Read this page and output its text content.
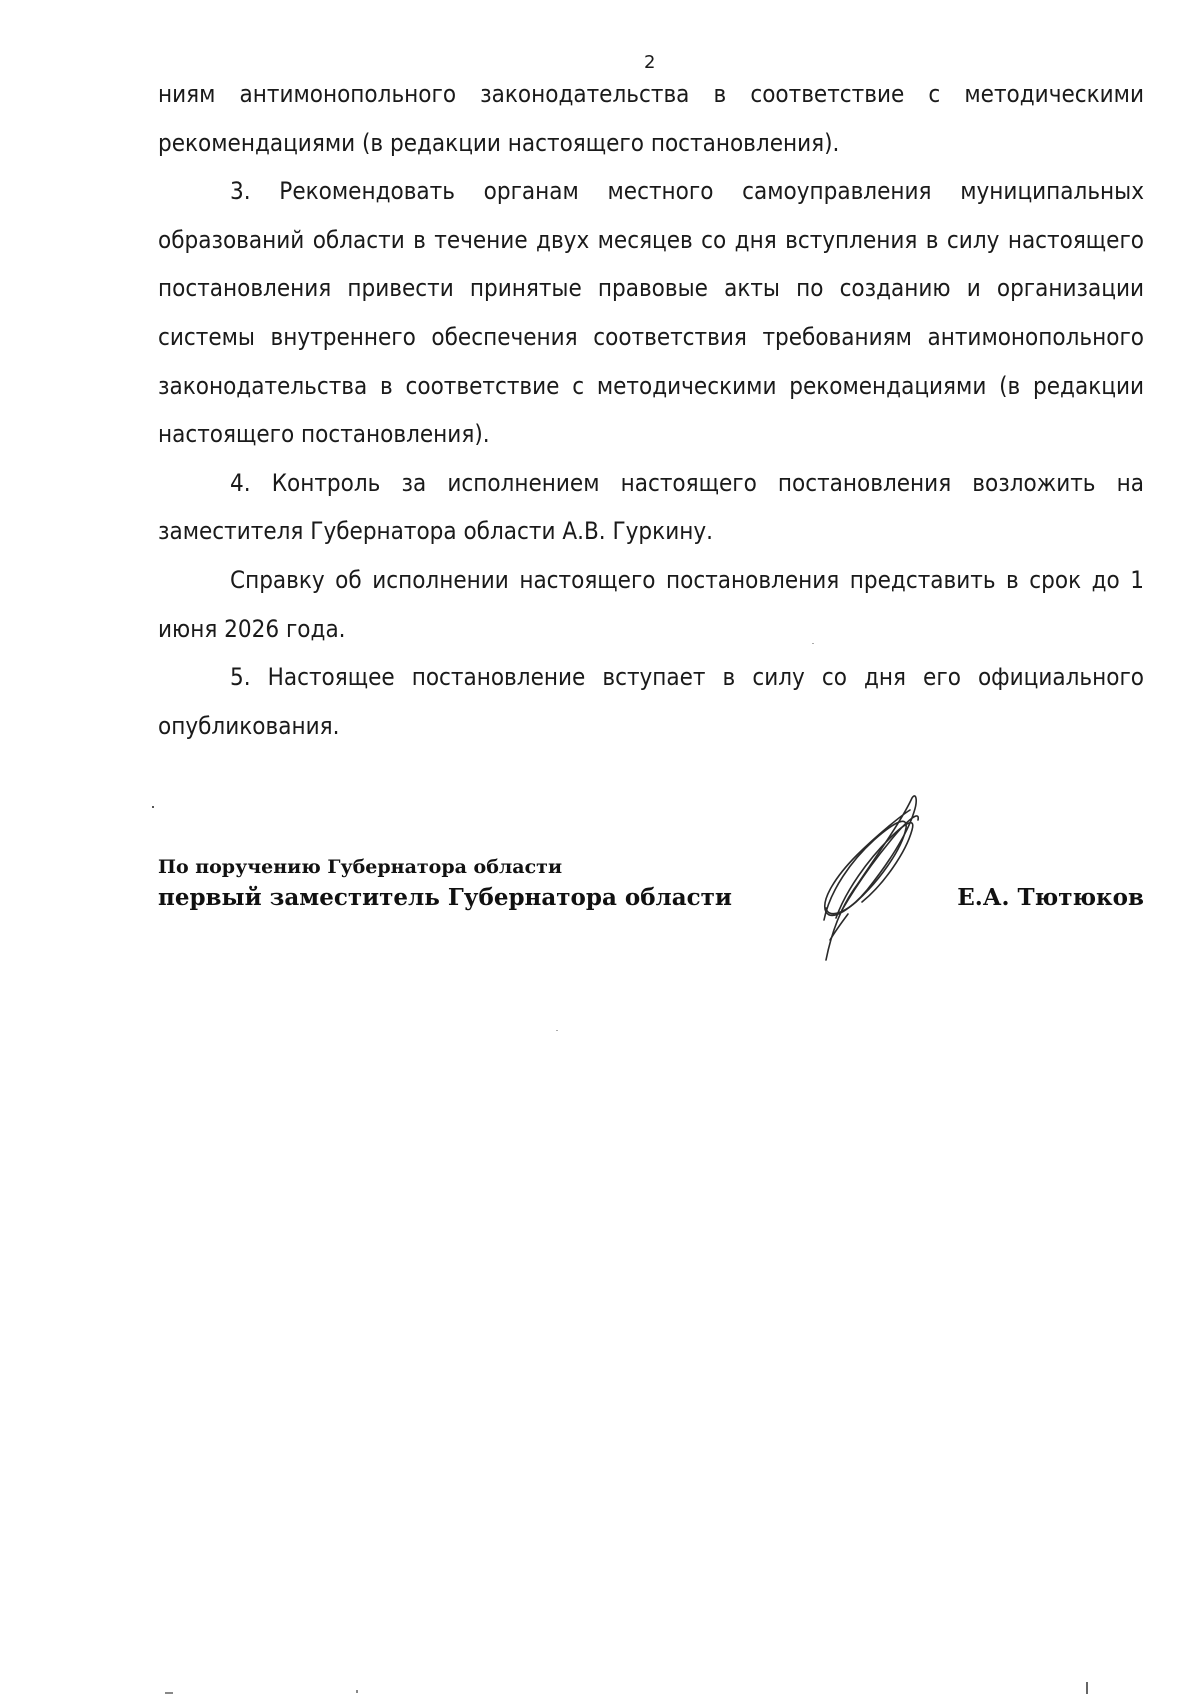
2

ниям антимонопольного законодательства в соответствие с методическими рекомендациями (в редакции настоящего постановления).

3. Рекомендовать органам местного самоуправления муниципальных образований области в течение двух месяцев со дня вступления в силу настоящего постановления привести принятые правовые акты по созданию и организации системы внутреннего обеспечения соответствия требованиям антимонопольного законодательства в соответствие с методическими рекомендациями (в редакции настоящего постановления).

4. Контроль за исполнением настоящего постановления возложить на заместителя Губернатора области А.В. Гуркину.

Справку об исполнении настоящего постановления представить в срок до 1 июня 2026 года.

5. Настоящее постановление вступает в силу со дня его официального опубликования.

По поручению Губернатора области
первый заместитель Губернатора области	Е.А. Тютюков
